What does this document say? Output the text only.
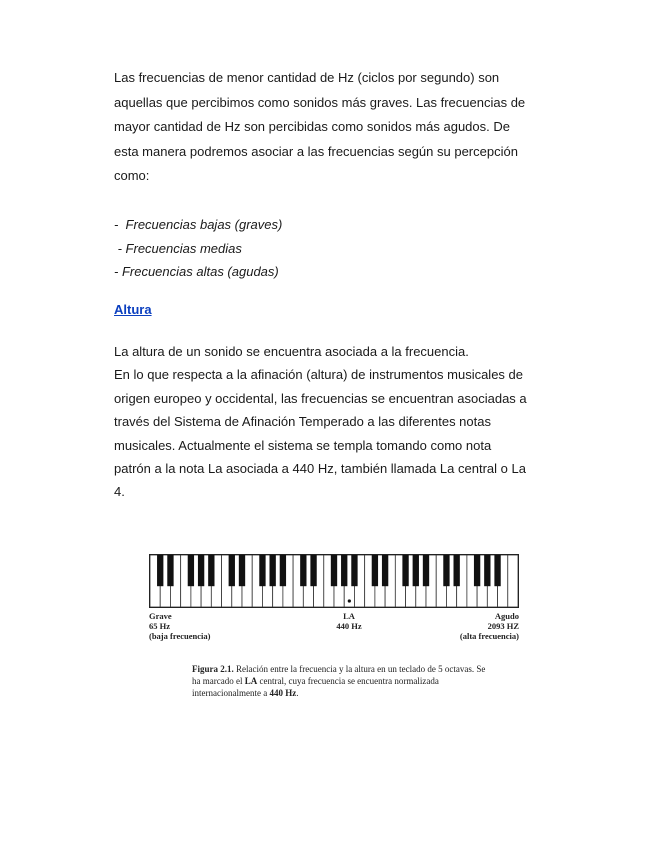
Las frecuencias de menor cantidad de Hz (ciclos por segundo) son
aquellas que percibimos como sonidos más graves. Las frecuencias de
mayor cantidad de Hz son percibidas como sonidos más agudos. De
esta manera podremos asociar a las frecuencias según su percepción
como:
-  Frecuencias bajas (graves)
- Frecuencias medias
- Frecuencias altas (agudas)
Altura
La altura de un sonido se encuentra asociada a la frecuencia.
En lo que respecta a la afinación (altura) de instrumentos musicales de
origen europeo y occidental, las frecuencias se encuentran asociadas a
través del Sistema de Afinación Temperado a las diferentes notas
musicales. Actualmente el sistema se templa tomando como nota
patrón a la nota La asociada a 440 Hz, también llamada La central o La
4.
Grave
65 Hz
(baja frecuencia)
LA
440 Hz
Agudo
2093 HZ
(alta frecuencia)
Figura 2.1. Relación entre la frecuencia y la altura en un teclado de 5 octavas. Se ha marcado el LA central, cuya frecuencia se encuentra normalizada internacionalmente a 440 Hz.
